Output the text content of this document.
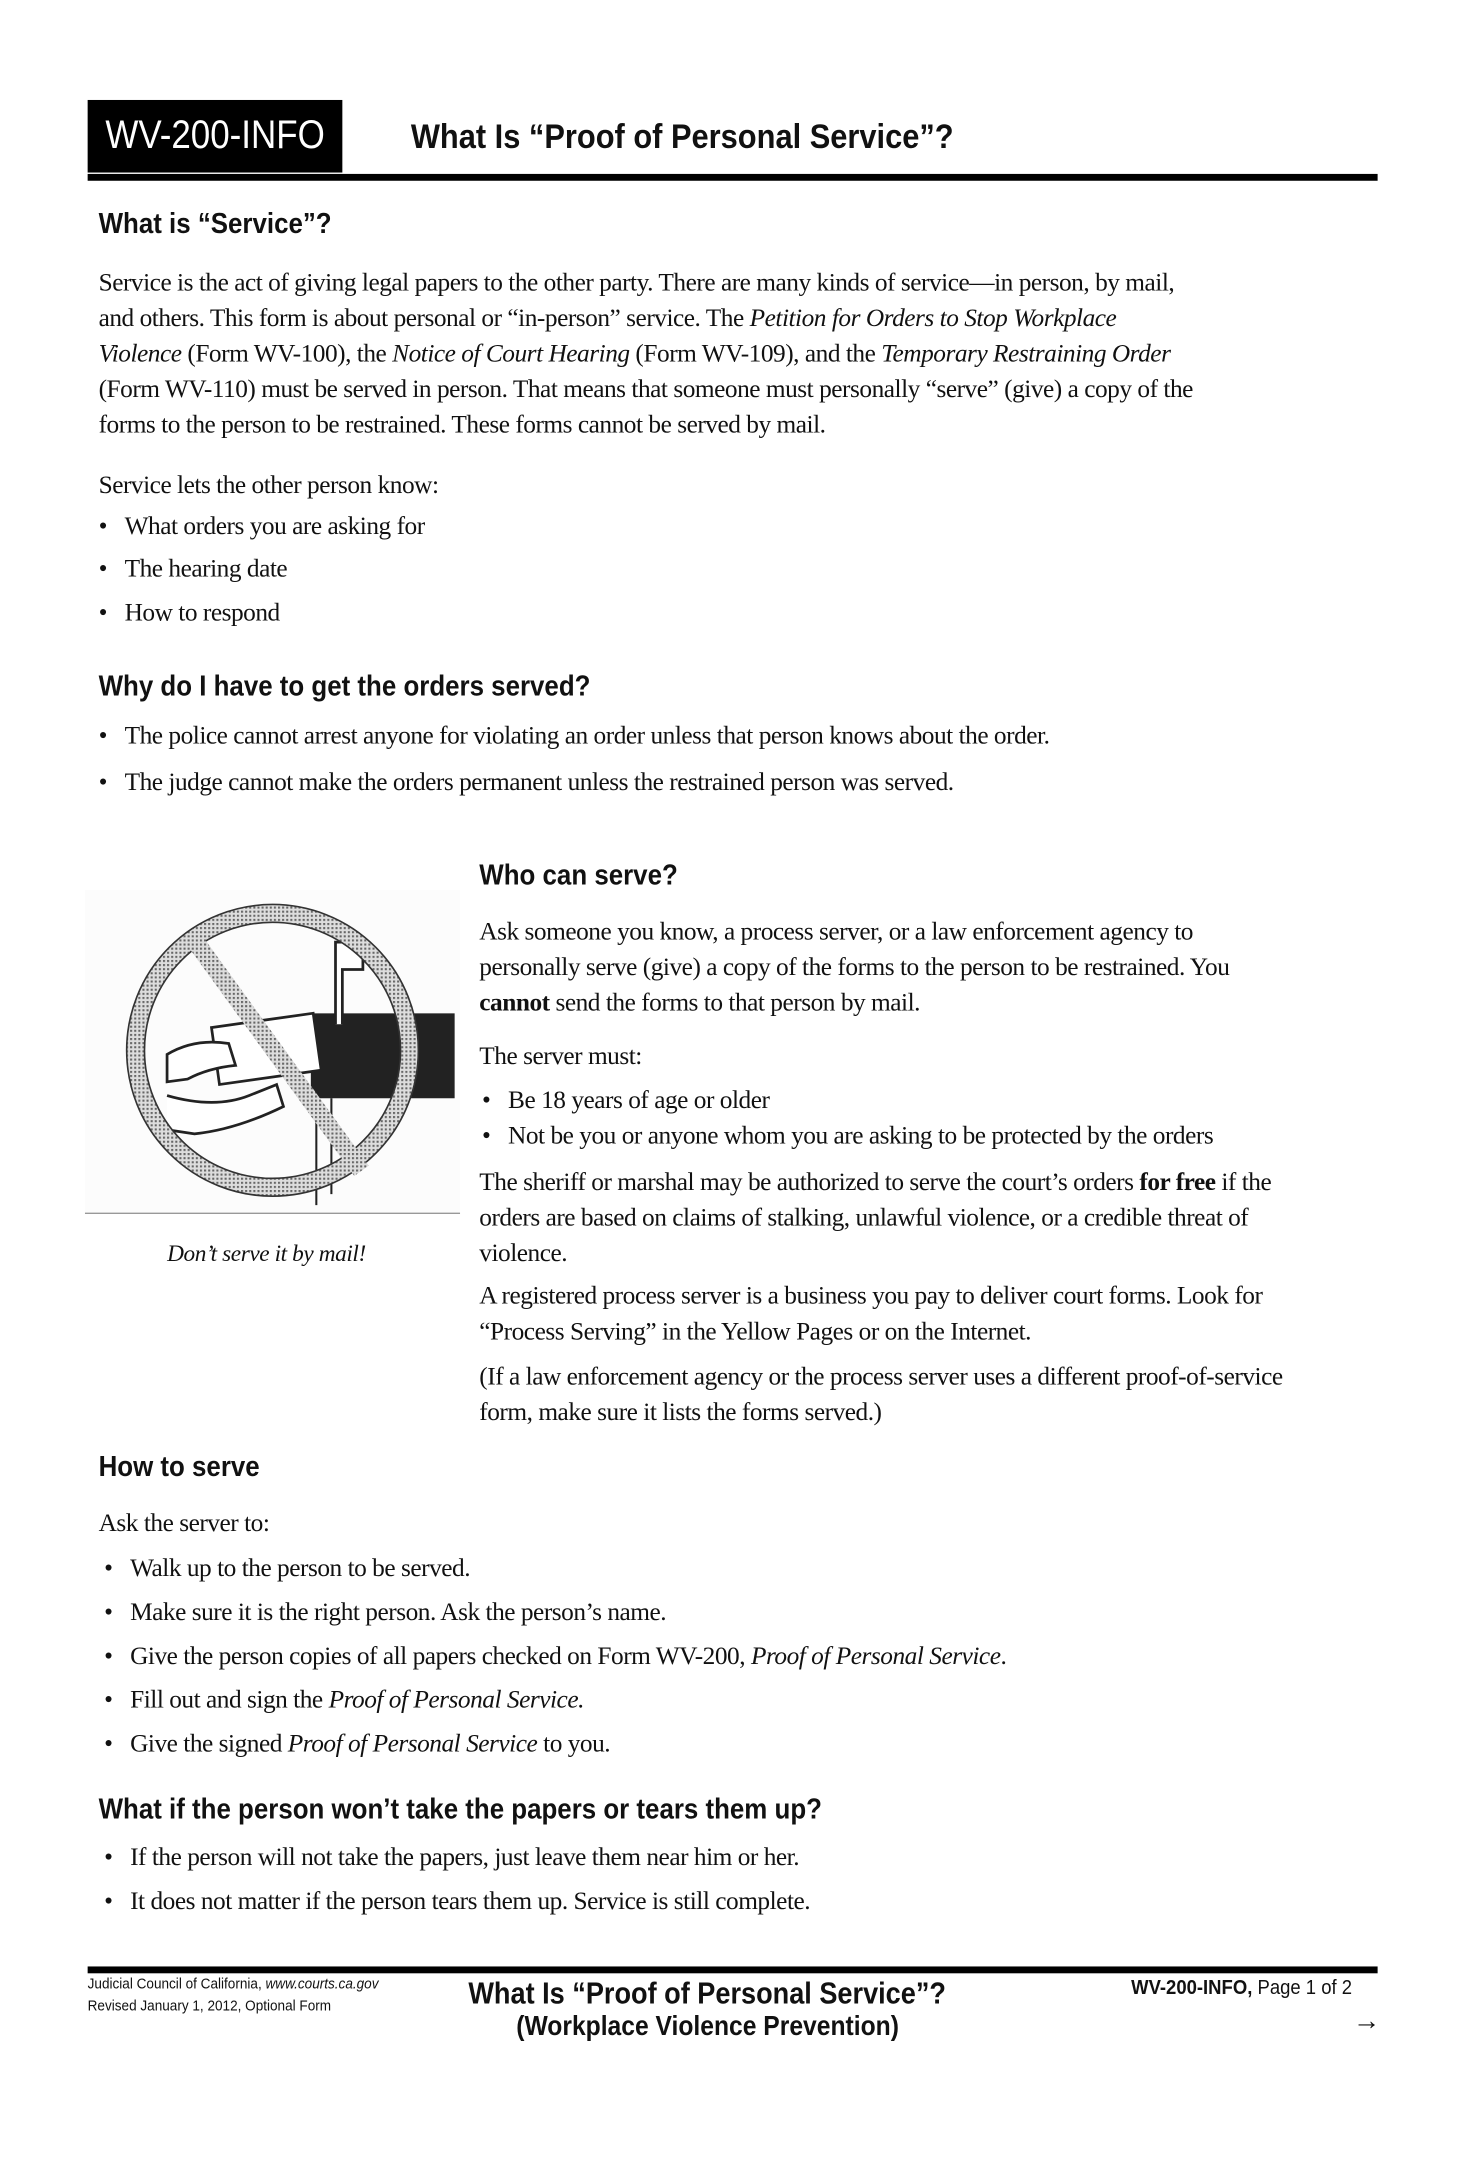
WV-200-INFO	What Is “Proof of Personal Service”?
What is “Service”?
Service is the act of giving legal papers to the other party. There are many kinds of service—in person, by mail,
and others. This form is about personal or “in-person” service. The Petition for Orders to Stop Workplace
Violence (Form WV-100), the Notice of Court Hearing (Form WV-109), and the Temporary Restraining Order
(Form WV-110) must be served in person. That means that someone must personally “serve” (give) a copy of the
forms to the person to be restrained. These forms cannot be served by mail.
Service lets the other person know:
• What orders you are asking for
• The hearing date
• How to respond
Why do I have to get the orders served?
• The police cannot arrest anyone for violating an order unless that person knows about the order.
• The judge cannot make the orders permanent unless the restrained person was served.
Don’t serve it by mail!
Who can serve?
Ask someone you know, a process server, or a law enforcement agency to
personally serve (give) a copy of the forms to the person to be restrained. You
cannot send the forms to that person by mail.
The server must:
• Be 18 years of age or older
• Not be you or anyone whom you are asking to be protected by the orders
The sheriff or marshal may be authorized to serve the court’s orders for free if the
orders are based on claims of stalking, unlawful violence, or a credible threat of
violence.
A registered process server is a business you pay to deliver court forms. Look for
“Process Serving” in the Yellow Pages or on the Internet.
(If a law enforcement agency or the process server uses a different proof-of-service
form, make sure it lists the forms served.)
How to serve
Ask the server to:
• Walk up to the person to be served.
• Make sure it is the right person. Ask the person’s name.
• Give the person copies of all papers checked on Form WV-200, Proof of Personal Service.
• Fill out and sign the Proof of Personal Service.
• Give the signed Proof of Personal Service to you.
What if the person won’t take the papers or tears them up?
• If the person will not take the papers, just leave them near him or her.
• It does not matter if the person tears them up. Service is still complete.
Judicial Council of California, www.courts.ca.gov
Revised January 1, 2012, Optional Form	What Is “Proof of Personal Service”?
(Workplace Violence Prevention)
WV-200-INFO, Page 1 of 2
→
